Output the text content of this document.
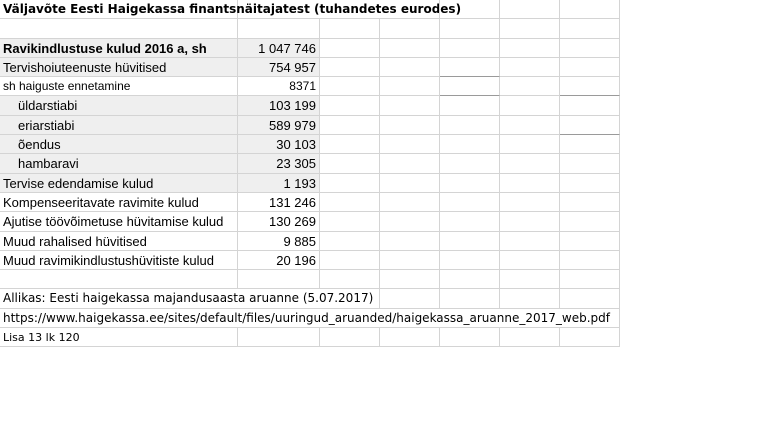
Väljavõte Eesti Haigekassa finantsnäitajatest (tuhandetes eurodes)
Ravikindlustuse kulud 2016 a, sh	1 047 746
Tervishoiuteenuste hüvitised	754 957
sh haiguste ennetamine	8371
üldarstiabi	103 199
eriarstiabi	589 979
õendus	30 103
hambaravi	23 305
Tervise edendamise kulud	1 193
Kompenseeritavate ravimite kulud	131 246
Ajutise töövõimetuse hüvitamise kulud	130 269
Muud rahalised hüvitised	9 885
Muud ravimikindlustushüvitiste kulud	20 196
Allikas: Eesti haigekassa majandusaasta aruanne (5.07.2017)
https://www.haigekassa.ee/sites/default/files/uuringud_aruanded/haigekassa_aruanne_2017_web.pdf
Lisa 13 lk 120
